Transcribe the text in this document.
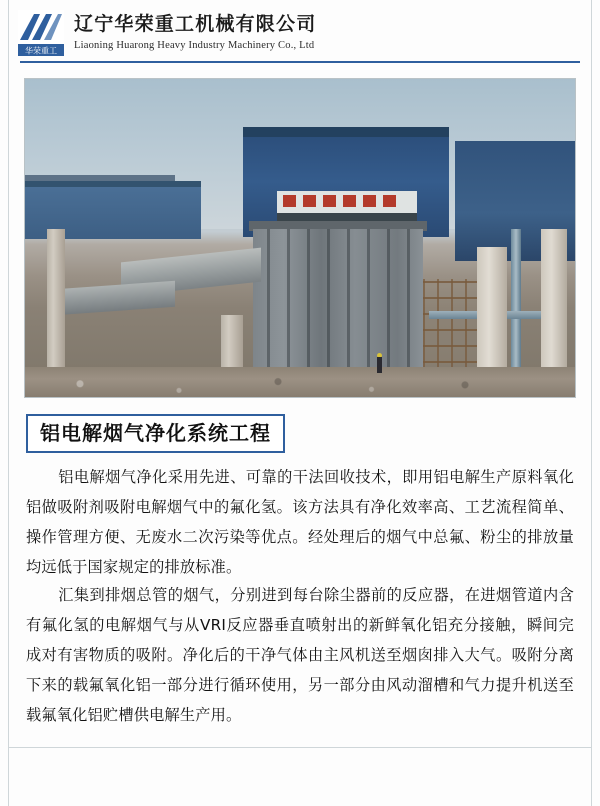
华荣重工
辽宁华荣重工机械有限公司
Liaoning Huarong Heavy Industry Machinery Co., Ltd
铝电解烟气净化系统工程
铝电解烟气净化采用先进、可靠的干法回收技术，即用铝电解生产原料氧化铝做吸附剂吸附电解烟气中的氟化氢。该方法具有净化效率高、工艺流程简单、操作管理方便、无废水二次污染等优点。经处理后的烟气中总氟、粉尘的排放量均远低于国家规定的排放标准。
汇集到排烟总管的烟气，分别进到每台除尘器前的反应器，在进烟管道内含有氟化氢的电解烟气与从VRI反应器垂直喷射出的新鲜氧化铝充分接触，瞬间完成对有害物质的吸附。净化后的干净气体由主风机送至烟囱排入大气。吸附分离下来的载氟氧化铝一部分进行循环使用，另一部分由风动溜槽和气力提升机送至载氟氧化铝贮槽供电解生产用。
